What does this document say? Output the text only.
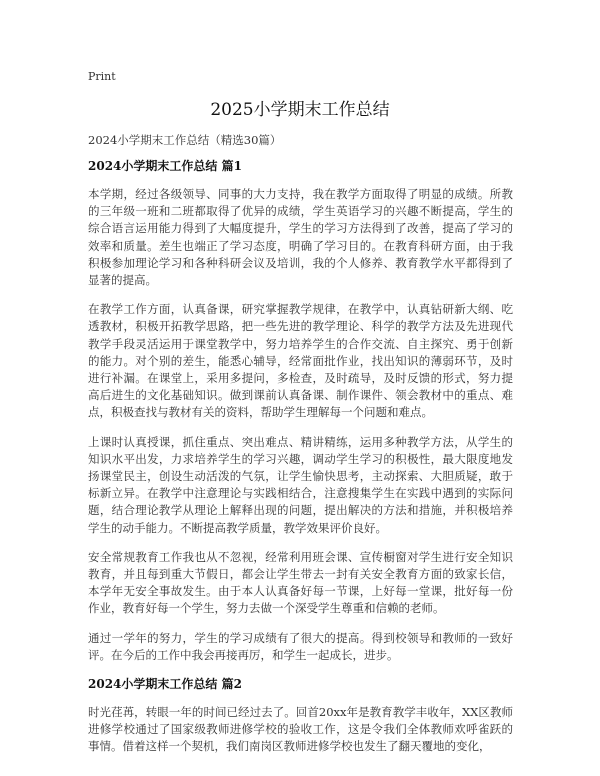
Print
2025小学期末工作总结

2024小学期末工作总结（精选30篇）

2024小学期末工作总结 篇1

本学期，经过各级领导、同事的大力支持，我在教学方面取得了明显的成绩。所教的三年级一班和二班都取得了优异的成绩，学生英语学习的兴趣不断提高，学生的综合语言运用能力得到了大幅度提升，学生的学习方法得到了改善，提高了学习的效率和质量。差生也端正了学习态度，明确了学习目的。在教育科研方面，由于我积极参加理论学习和各种科研会议及培训，我的个人修养、教育教学水平都得到了显著的提高。

在教学工作方面，认真备课，研究掌握教学规律，在教学中，认真钻研新大纲、吃透教材，积极开拓教学思路，把一些先进的教学理论、科学的教学方法及先进现代教学手段灵活运用于课堂教学中，努力培养学生的合作交流、自主探究、勇于创新的能力。对个别的差生，能悉心辅导，经常面批作业，找出知识的薄弱环节，及时进行补漏。在课堂上，采用多提问，多检查，及时疏导，及时反馈的形式，努力提高后进生的文化基础知识。做到课前认真备课、制作课件、领会教材中的重点、难点，积极查找与教材有关的资料，帮助学生理解每一个问题和难点。

上课时认真授课，抓住重点、突出难点、精讲精练，运用多种教学方法，从学生的知识水平出发，力求培养学生的学习兴趣，调动学生学习的积极性，最大限度地发扬课堂民主，创设生动活泼的气氛，让学生愉快思考，主动探索、大胆质疑，敢于标新立异。在教学中注意理论与实践相结合，注意搜集学生在实践中遇到的实际问题，结合理论教学从理论上解释出现的问题，提出解决的方法和措施，并积极培养学生的动手能力。不断提高教学质量，教学效果评价良好。

安全常规教育工作我也从不忽视，经常利用班会课、宣传橱窗对学生进行安全知识教育，并且每到重大节假日，都会让学生带去一封有关安全教育方面的致家长信，本学年无安全事故发生。由于本人认真备好每一节课，上好每一堂课，批好每一份作业，教育好每一个学生，努力去做一个深受学生尊重和信赖的老师。

通过一学年的努力，学生的学习成绩有了很大的提高。得到校领导和教师的一致好评。在今后的工作中我会再接再厉，和学生一起成长，进步。

2024小学期末工作总结 篇2

时光荏苒，转眼一年的时间已经过去了。回首20xx年是教育教学丰收年，XX区教师进修学校通过了国家级教师进修学校的验收工作，这是令我们全体教师欢呼雀跃的事情。借着这样一个契机，我们南岗区教师进修学校也发生了翻天覆地的变化，
